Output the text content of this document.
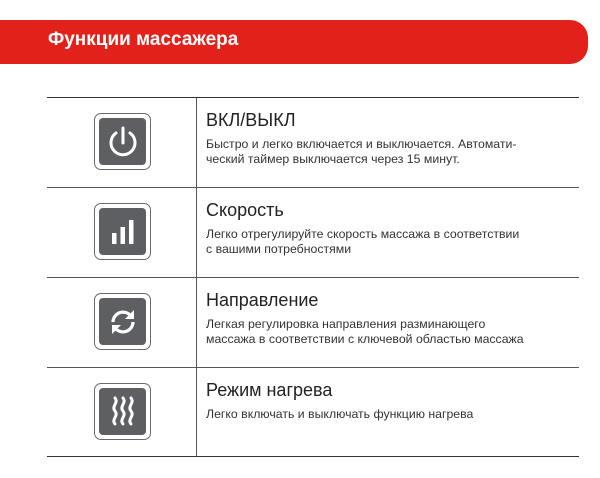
Функции массажера
ВКЛ/ВЫКЛ
Быстро и легко включается и выключается. Автомати-
ческий таймер выключается через 15 минут.
Скорость
Легко отрегулируйте скорость массажа в соответствии
с вашими потребностями
Направление
Легкая регулировка направления разминающего
массажа в соответствии с ключевой областью массажа
Режим нагрева
Легко включать и выключать функцию нагрева
